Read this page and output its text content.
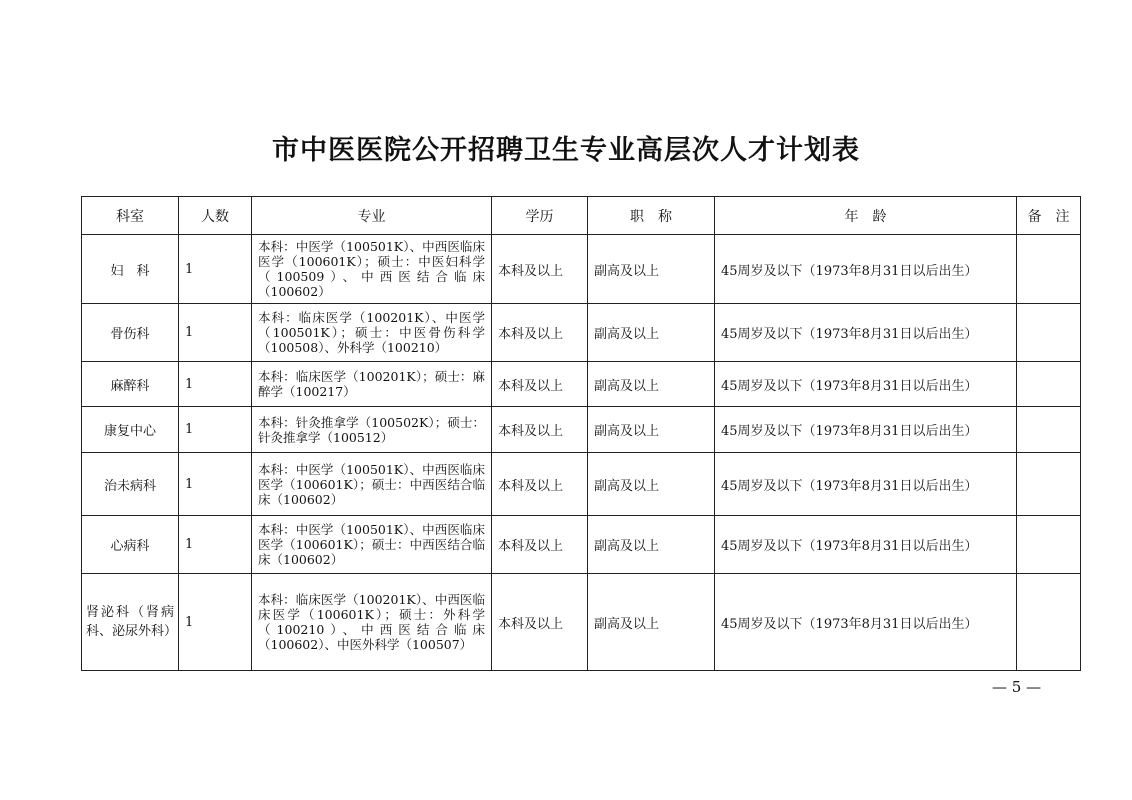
市中医医院公开招聘卫生专业高层次人才计划表
科室	人数	专业	学历	职　称	年　龄	备　注
妇　科	1	本科：中医学（100501K）、中西医临床医学（100601K）；硕士：中医妇科学（100509）、中西医结合临床（100602）	本科及以上	副高及以上	45周岁及以下（1973年8月31日以后出生）	
骨伤科	1	本科：临床医学（100201K）、中医学（100501K）；硕士：中医骨伤科学（100508）、外科学（100210）	本科及以上	副高及以上	45周岁及以下（1973年8月31日以后出生）	
麻醉科	1	本科：临床医学（100201K）；硕士：麻醉学（100217）	本科及以上	副高及以上	45周岁及以下（1973年8月31日以后出生）	
康复中心	1	本科：针灸推拿学（100502K）；硕士：针灸推拿学（100512）	本科及以上	副高及以上	45周岁及以下（1973年8月31日以后出生）	
治未病科	1	本科：中医学（100501K）、中西医临床医学（100601K）；硕士：中西医结合临床（100602）	本科及以上	副高及以上	45周岁及以下（1973年8月31日以后出生）	
心病科	1	本科：中医学（100501K）、中西医临床医学（100601K）；硕士：中西医结合临床（100602）	本科及以上	副高及以上	45周岁及以下（1973年8月31日以后出生）	
肾泌科（肾病科、泌尿外科）	1	本科：临床医学（100201K）、中西医临床医学（100601K）；硕士：外科学（100210）、中西医结合临床（100602）、中医外科学（100507）	本科及以上	副高及以上	45周岁及以下（1973年8月31日以后出生）	
— 5 —
